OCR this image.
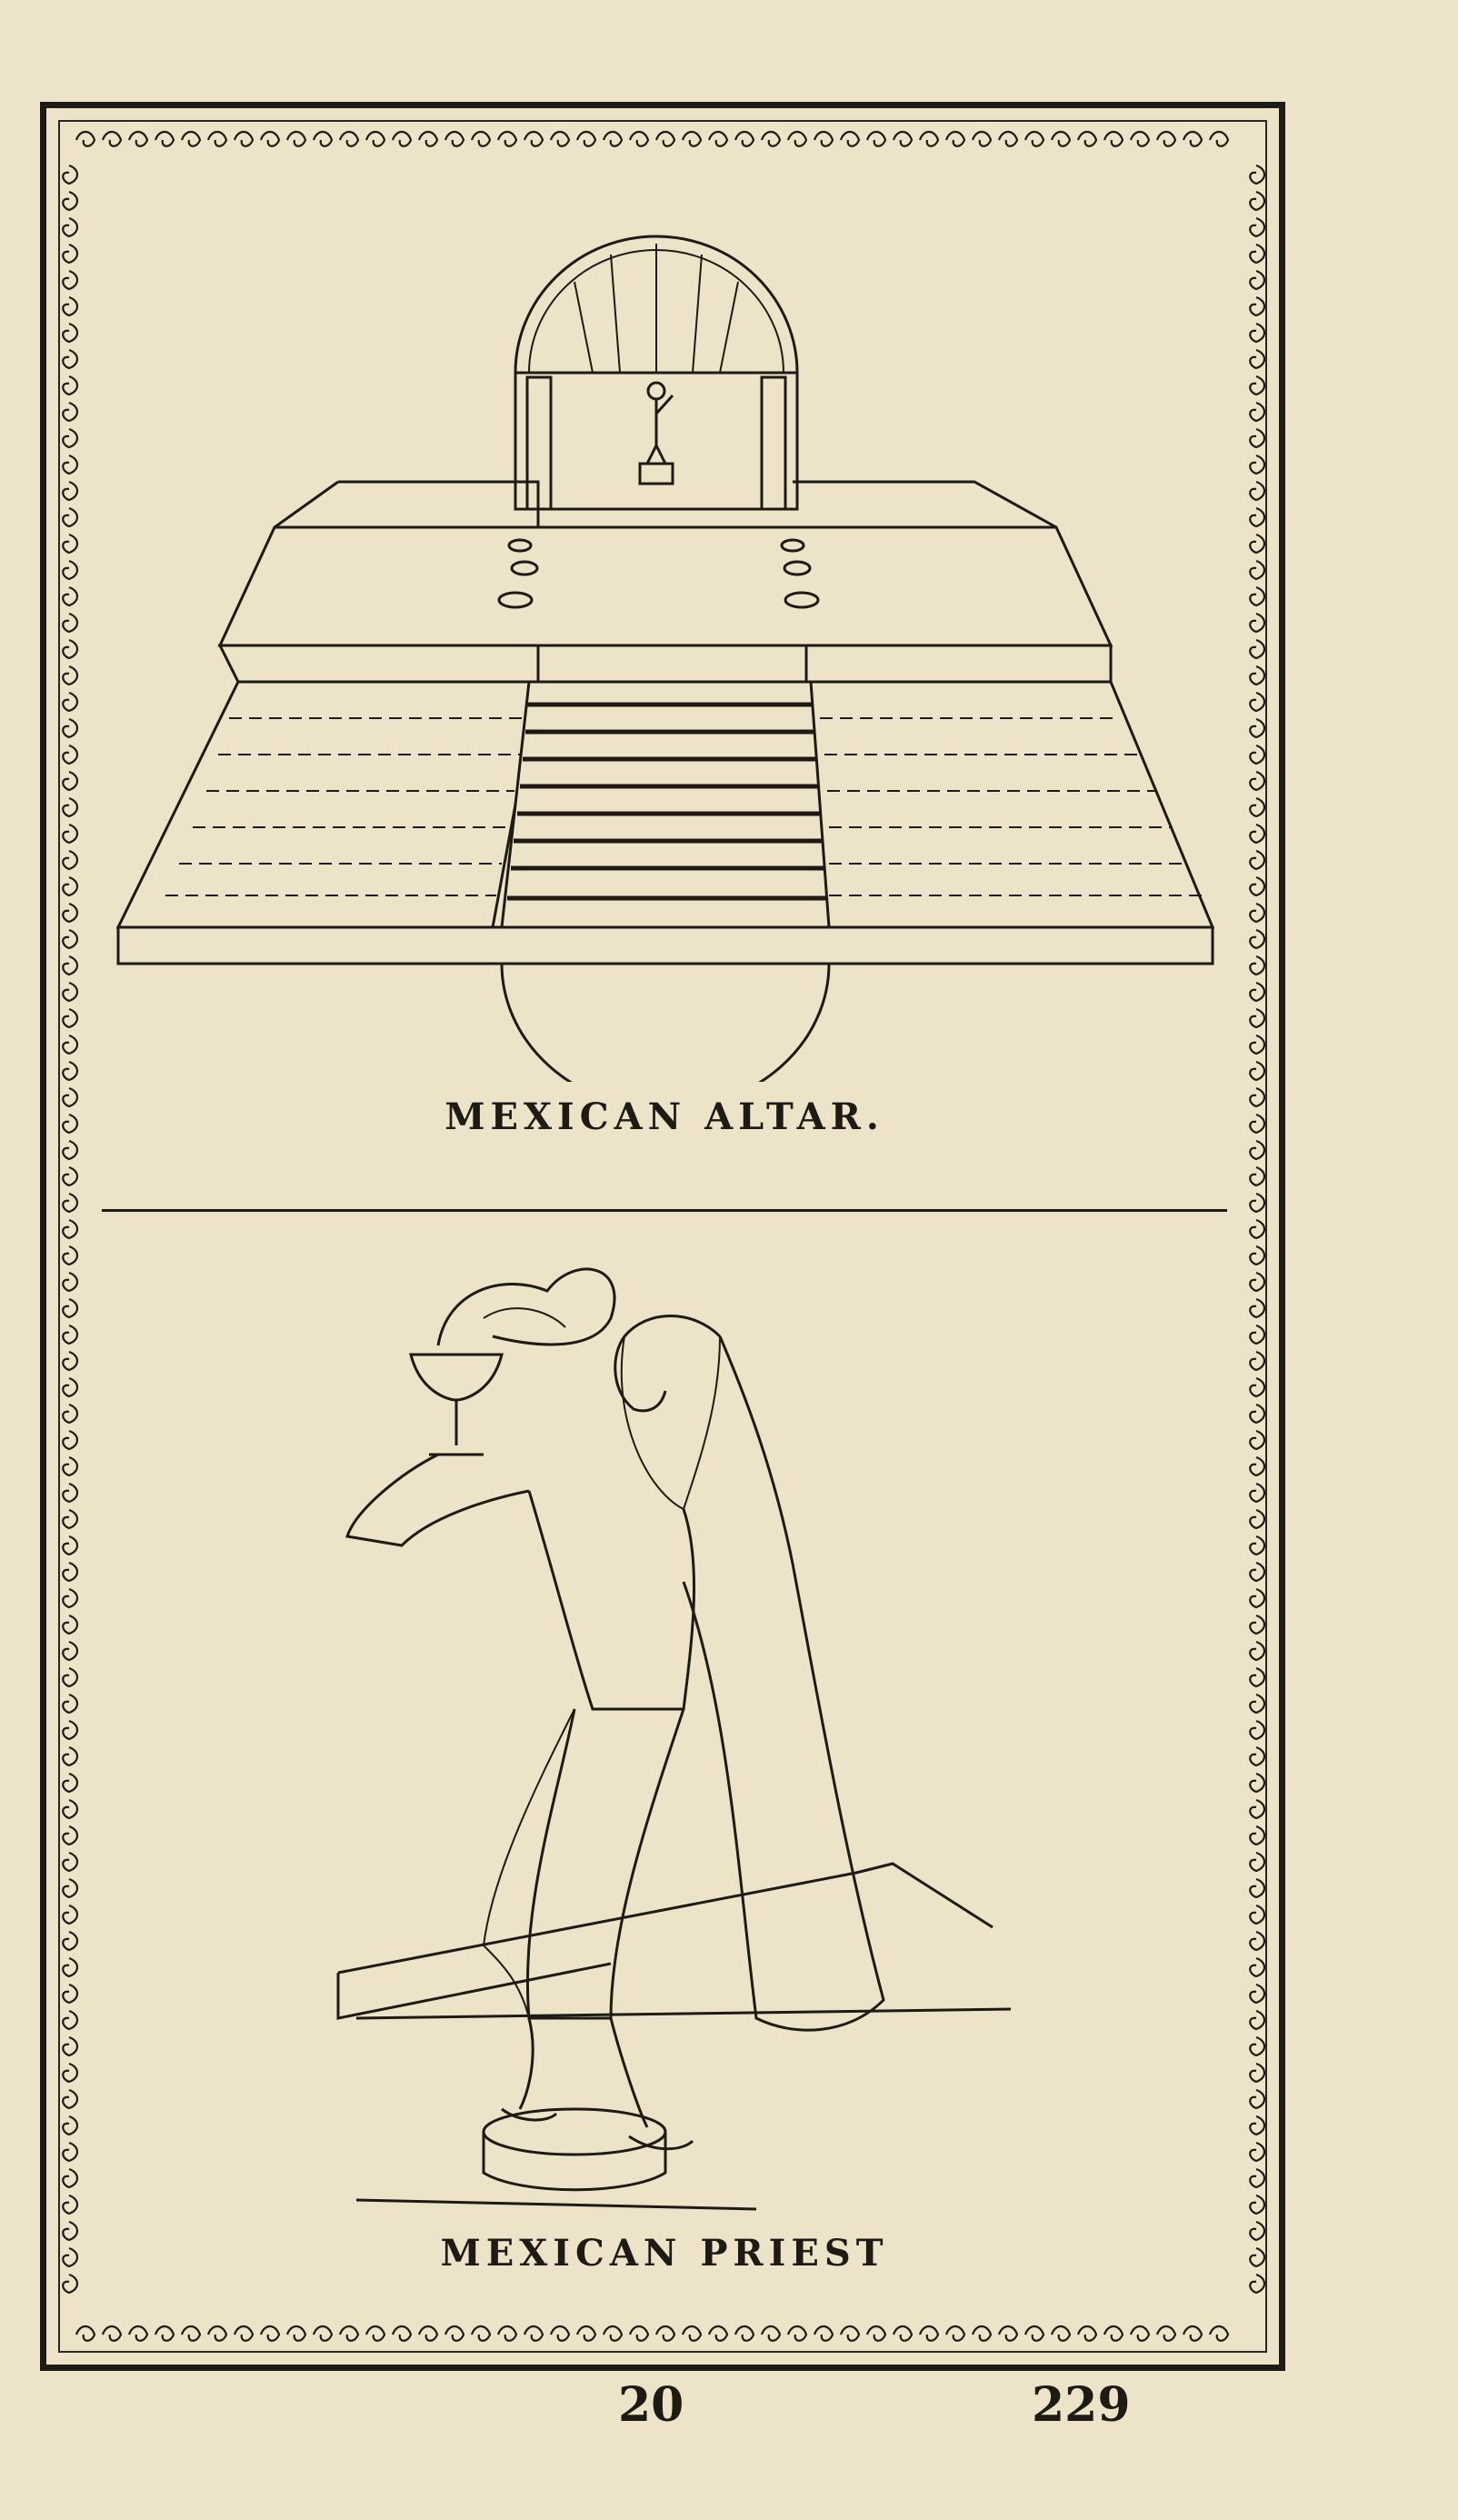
MEXICAN ALTAR.
MEXICAN PRIEST
20	229
